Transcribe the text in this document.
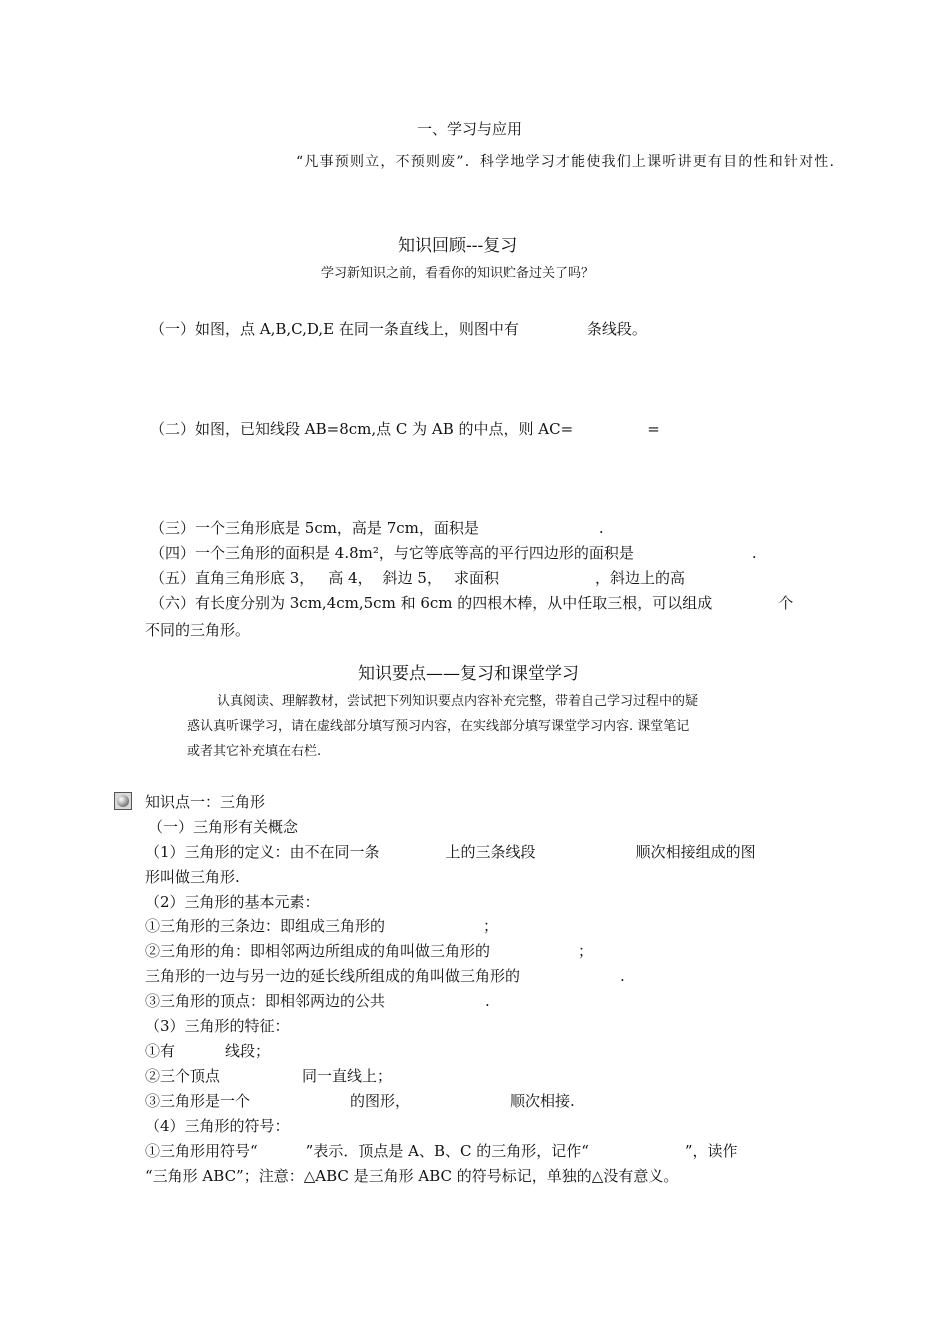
一、学习与应用
“凡事预则立，不预则废”．科学地学习才能使我们上课听讲更有目的性和针对性.
知识回顾---复习
学习新知识之前，看看你的知识贮备过关了吗？
（一）如图，点 A,B,C,D,E 在同一条直线上，则图中有	条线段。
（二）如图，已知线段 AB=8cm,点 C 为 AB 的中点，则 AC=	=
（三）一个三角形底是 5cm，高是 7cm，面积是	.
（四）一个三角形的面积是 4.8m²，与它等底等高的平行四边形的面积是	.
（五）直角三角形底 3， 高 4， 斜边 5， 求面积	，斜边上的高
（六）有长度分别为 3cm,4cm,5cm 和 6cm 的四根木棒，从中任取三根，可以组成	个
不同的三角形。
知识要点——复习和课堂学习
认真阅读、理解教材，尝试把下列知识要点内容补充完整，带着自己学习过程中的疑
惑认真听课学习，请在虚线部分填写预习内容，在实线部分填写课堂学习内容. 课堂笔记
或者其它补充填在右栏.
知识点一：三角形
（一）三角形有关概念
（1）三角形的定义：由不在同一条	上的三条线段	顺次相接组成的图
形叫做三角形.
（2）三角形的基本元素：
①三角形的三条边：即组成三角形的	；
②三角形的角：即相邻两边所组成的角叫做三角形的	；
三角形的一边与另一边的延长线所组成的角叫做三角形的	.
③三角形的顶点：即相邻两边的公共	.
（3）三角形的特征：
①有	线段；
②三个顶点	同一直线上；
③三角形是一个	的图形，	顺次相接.
（4）三角形的符号：
①三角形用符号“	”表示．顶点是 A、B、C 的三角形，记作“	”，读作
“三角形 ABC”；注意：△ABC 是三角形 ABC 的符号标记，单独的△没有意义。
